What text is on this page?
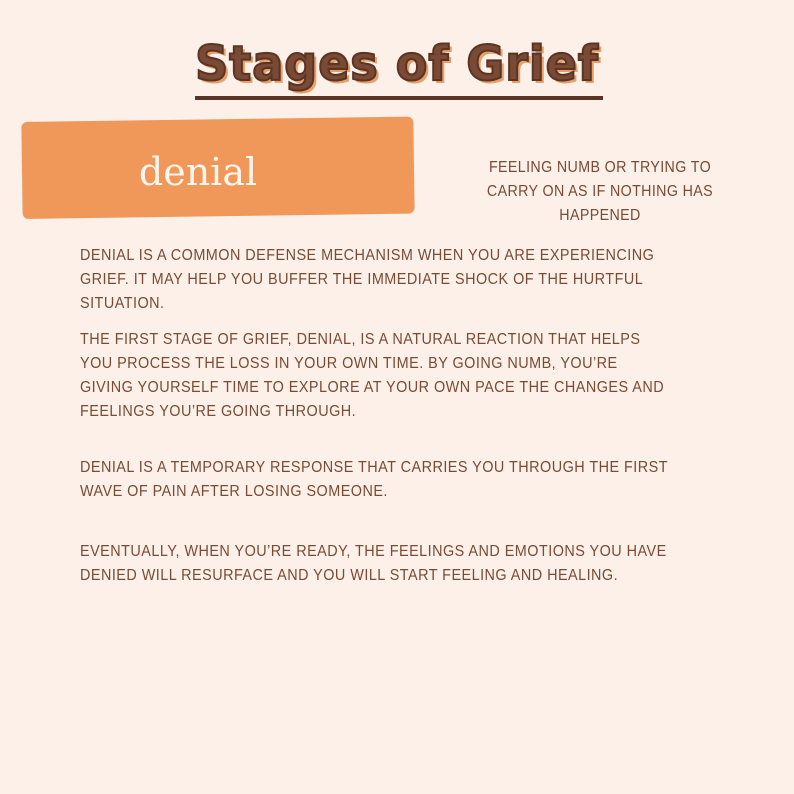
Stages of Grief
denial	FEELING NUMB OR TRYING TO CARRY ON AS IF NOTHING HAS HAPPENED
DENIAL IS A COMMON DEFENSE MECHANISM WHEN YOU ARE EXPERIENCING GRIEF. IT MAY HELP YOU BUFFER THE IMMEDIATE SHOCK OF THE HURTFUL SITUATION.
THE FIRST STAGE OF GRIEF, DENIAL, IS A NATURAL REACTION THAT HELPS YOU PROCESS THE LOSS IN YOUR OWN TIME. BY GOING NUMB, YOU’RE GIVING YOURSELF TIME TO EXPLORE AT YOUR OWN PACE THE CHANGES AND FEELINGS YOU’RE GOING THROUGH.
DENIAL IS A TEMPORARY RESPONSE THAT CARRIES YOU THROUGH THE FIRST WAVE OF PAIN AFTER LOSING SOMEONE.
EVENTUALLY, WHEN YOU’RE READY, THE FEELINGS AND EMOTIONS YOU HAVE DENIED WILL RESURFACE AND YOU WILL START FEELING AND HEALING.
